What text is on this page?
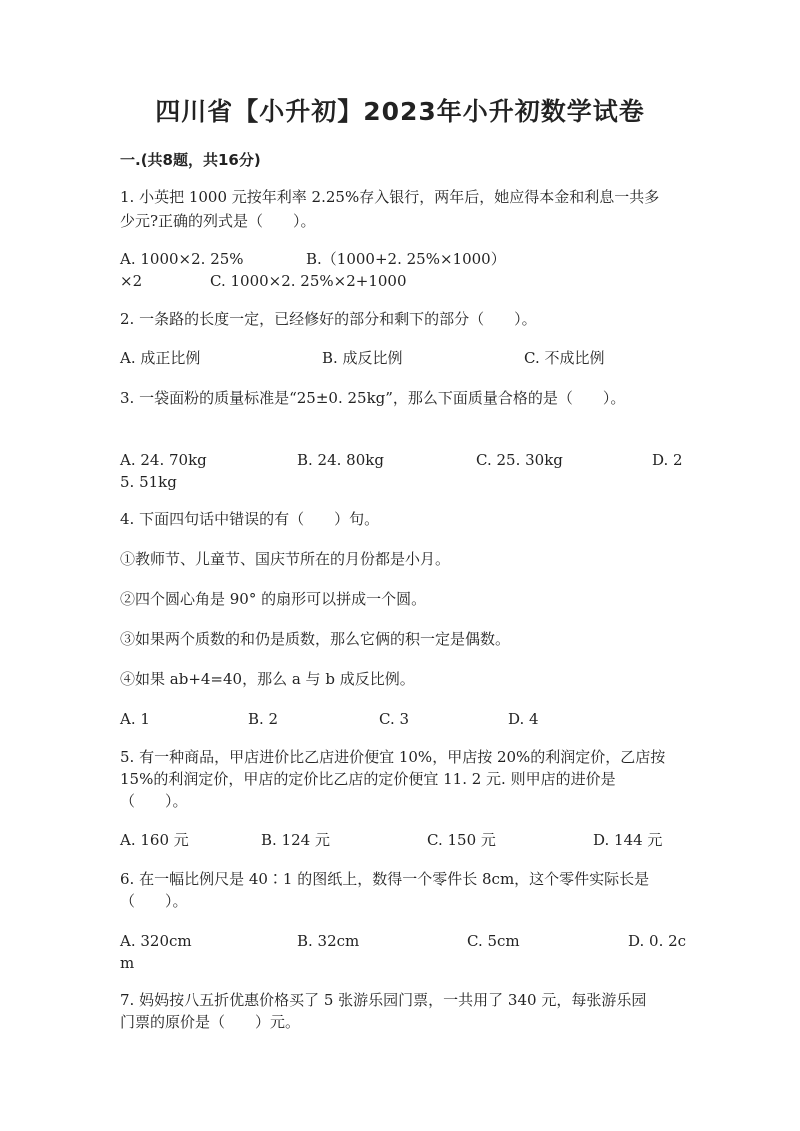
四川省【小升初】2023年小升初数学试卷
一.(共8题，共16分)
1. 小英把 1000 元按年利率 2.25%存入银行，两年后，她应得本金和利息一共多
少元?正确的列式是（　　）。
A. 1000×2. 25%	B.（1000+2. 25%×1000）
×2	C. 1000×2. 25%×2+1000
2. 一条路的长度一定，已经修好的部分和剩下的部分（　　）。
A. 成正比例	B. 成反比例	C. 不成比例
3. 一袋面粉的质量标准是“25±0. 25kg”，那么下面质量合格的是（　　）。
A. 24. 70kg	B. 24. 80kg	C. 25. 30kg	D. 2
5. 51kg
4. 下面四句话中错误的有（　　）句。
①教师节、儿童节、国庆节所在的月份都是小月。
②四个圆心角是 90° 的扇形可以拼成一个圆。
③如果两个质数的和仍是质数，那么它俩的积一定是偶数。
④如果 ab+4=40，那么 a 与 b 成反比例。
A. 1	B. 2	C. 3	D. 4
5. 有一种商品，甲店进价比乙店进价便宜 10%，甲店按 20%的利润定价，乙店按
15%的利润定价，甲店的定价比乙店的定价便宜 11. 2 元. 则甲店的进价是
（　　）。
A. 160 元	B. 124 元	C. 150 元	D. 144 元
6. 在一幅比例尺是 40∶1 的图纸上，数得一个零件长 8cm，这个零件实际长是
（　　）。
A. 320cm	B. 32cm	C. 5cm	D. 0. 2c
m
7. 妈妈按八五折优惠价格买了 5 张游乐园门票，一共用了 340 元，每张游乐园
门票的原价是（　　）元。
